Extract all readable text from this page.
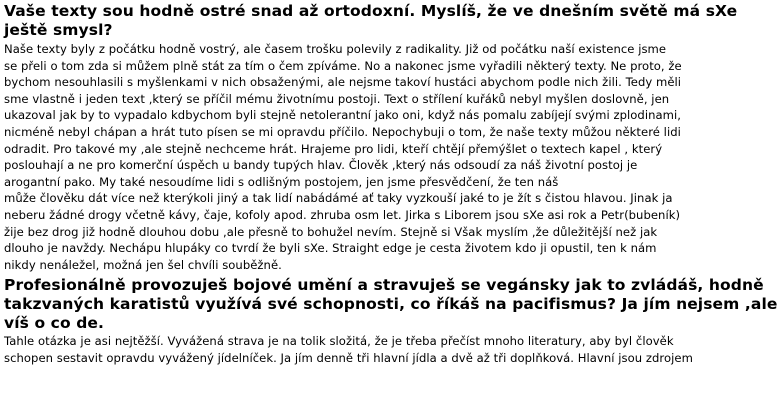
Vaše texty sou hodně ostré snad až ortodoxní. Myslíš, že ve dnešním světě má sXe
ještě smysl?

Naše texty byly z počátku hodně vostrý, ale časem trošku polevily z radikality. Již od počátku naší existence jsme
se přeli o tom zda si můžem plně stát za tím o čem zpíváme. No a nakonec jsme vyřadili některý texty. Ne proto, že
bychom nesouhlasili s myšlenkami v nich obsaženými, ale nejsme takoví hustáci abychom podle nich žili. Tedy měli
sme vlastně i jeden text ,který se příčil mému životnímu postoji. Text o střílení kuřáků nebyl myšlen doslovně, jen
ukazoval jak by to vypadalo kdbychom byli stejně netolerantní jako oni, když nás pomalu zabíjejí svými zplodinami,
nicméně nebyl chápan a hrát tuto písen se mi opravdu příčilo. Nepochybuji o tom, že naše texty můžou některé lidi
odradit. Pro takové my ,ale stejně nechceme hrát. Hrajeme pro lidi, kteří chtějí přemýšlet o textech kapel , který
poslouhají a ne pro komerční úspěch u bandy tupých hlav. Člověk ,který nás odsoudí za náš životní postoj je
arogantní pako. My také nesoudíme lidi s odlišným postojem, jen jsme přesvědčení, že ten náš
může člověku dát více než kterýkoli jiný a tak lidí nabádámé ať taky vyzkouší jaké to je žít s čistou hlavou. Jinak ja
neberu žádné drogy včetně kávy, čaje, kofoly apod. zhruba osm let. Jirka s Liborem jsou sXe asi rok a Petr(bubeník)
žije bez drog již hodně dlouhou dobu ,ale přesně to bohužel nevím. Stejně si Však myslím ,že důležitější než jak
dlouho je navždy. Nechápu hlupáky co tvrdí že byli sXe. Straight edge je cesta životem kdo ji opustil, ten k nám
nikdy nenáležel, možná jen šel chvíli souběžně.

Profesionálně provozuješ bojové umění a stravuješ se vegánsky jak to zvládáš, hodně
takzvaných karatistů využívá své schopnosti, co říkáš na pacifismus? Ja jím nejsem ,ale
víš o co de.

Tahle otázka je asi nejtěžší. Vyvážená strava je na tolik složitá, že je třeba přečíst mnoho literatury, aby byl člověk
schopen sestavit opravdu vyvážený jídelníček. Ja jím denně tři hlavní jídla a dvě až tři doplňková. Hlavní jsou zdrojem
